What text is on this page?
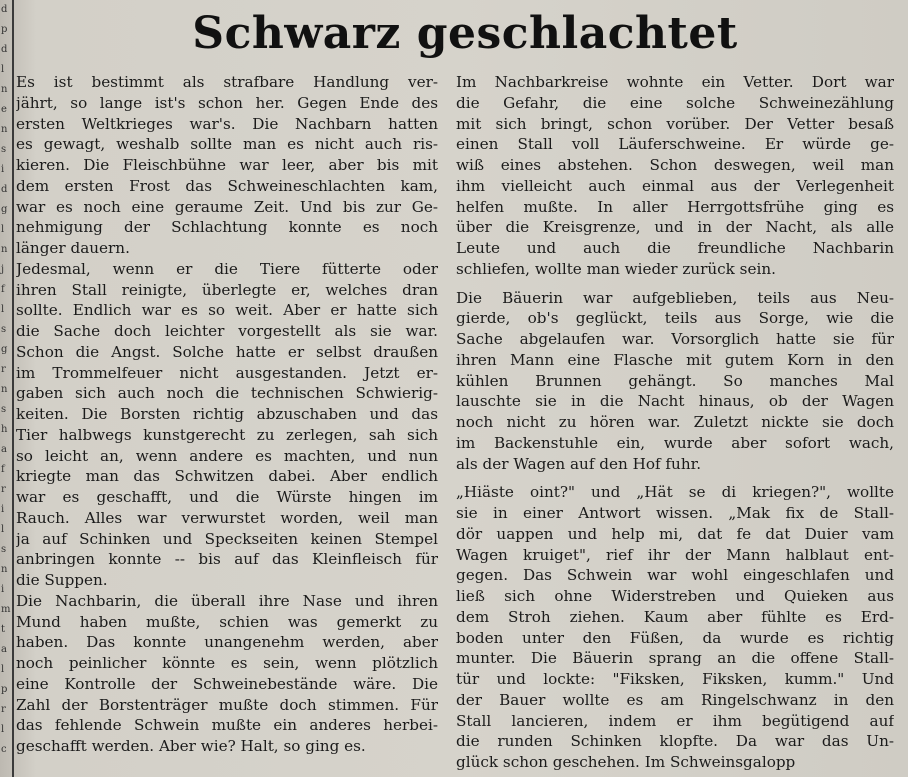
d
p
d
l
n
e
n
s
i
d
g
l
n
j
f
l
s
g
r
n
s
h
a
f
r
i
l
s
n
i
m
t
a
l
p
r
l
c
Schwarz geschlachtet

Es ist bestimmt als strafbare Handlung ver-
jährt, so lange ist's schon her. Gegen Ende des
ersten Weltkrieges war's. Die Nachbarn hatten
es gewagt, weshalb sollte man es nicht auch ris-
kieren. Die Fleischbühne war leer, aber bis mit
dem ersten Frost das Schweineschlachten kam,
war es noch eine geraume Zeit. Und bis zur Ge-
nehmigung der Schlachtung konnte es noch
länger dauern.

Jedesmal, wenn er die Tiere fütterte oder
ihren Stall reinigte, überlegte er, welches dran
sollte. Endlich war es so weit. Aber er hatte sich
die Sache doch leichter vorgestellt als sie war.
Schon die Angst. Solche hatte er selbst draußen
im Trommelfeuer nicht ausgestanden. Jetzt er-
gaben sich auch noch die technischen Schwierig-
keiten. Die Borsten richtig abzuschaben und das
Tier halbwegs kunstgerecht zu zerlegen, sah sich
so leicht an, wenn andere es machten, und nun
kriegte man das Schwitzen dabei. Aber endlich
war es geschafft, und die Würste hingen im
Rauch. Alles war verwurstet worden, weil man
ja auf Schinken und Speckseiten keinen Stempel
anbringen konnte -- bis auf das Kleinfleisch für
die Suppen.

Die Nachbarin, die überall ihre Nase und ihren
Mund haben mußte, schien was gemerkt zu
haben. Das konnte unangenehm werden, aber
noch peinlicher könnte es sein, wenn plötzlich
eine Kontrolle der Schweinebestände wäre. Die
Zahl der Borstenträger mußte doch stimmen. Für
das fehlende Schwein mußte ein anderes herbei-
geschafft werden. Aber wie? Halt, so ging es.

Im Nachbarkreise wohnte ein Vetter. Dort war
die Gefahr, die eine solche Schweinezählung
mit sich bringt, schon vorüber. Der Vetter besaß
einen Stall voll Läuferschweine. Er würde ge-
wiß eines abstehen. Schon deswegen, weil man
ihm vielleicht auch einmal aus der Verlegenheit
helfen mußte. In aller Herrgottsfrühe ging es
über die Kreisgrenze, und in der Nacht, als alle
Leute und auch die freundliche Nachbarin
schliefen, wollte man wieder zurück sein.

Die Bäuerin war aufgeblieben, teils aus Neu-
gierde, ob's geglückt, teils aus Sorge, wie die
Sache abgelaufen war. Vorsorglich hatte sie für
ihren Mann eine Flasche mit gutem Korn in den
kühlen Brunnen gehängt. So manches Mal
lauschte sie in die Nacht hinaus, ob der Wagen
noch nicht zu hören war. Zuletzt nickte sie doch
im Backenstuhle ein, wurde aber sofort wach,
als der Wagen auf den Hof fuhr.

„Hiäste oint?" und „Hät se di kriegen?", wollte
sie in einer Antwort wissen. „Mak fix de Stall-
dör uappen und help mi, dat fe dat Duier vam
Wagen kruiget", rief ihr der Mann halblaut ent-
gegen. Das Schwein war wohl eingeschlafen und
ließ sich ohne Widerstreben und Quieken aus
dem Stroh ziehen. Kaum aber fühlte es Erd-
boden unter den Füßen, da wurde es richtig
munter. Die Bäuerin sprang an die offene Stall-
tür und lockte: "Fiksken, Fiksken, kumm." Und
der Bauer wollte es am Ringelschwanz in den
Stall lancieren, indem er ihm begütigend auf
die runden Schinken klopfte. Da war das Un-
glück schon geschehen. Im Schweinsgalopp
